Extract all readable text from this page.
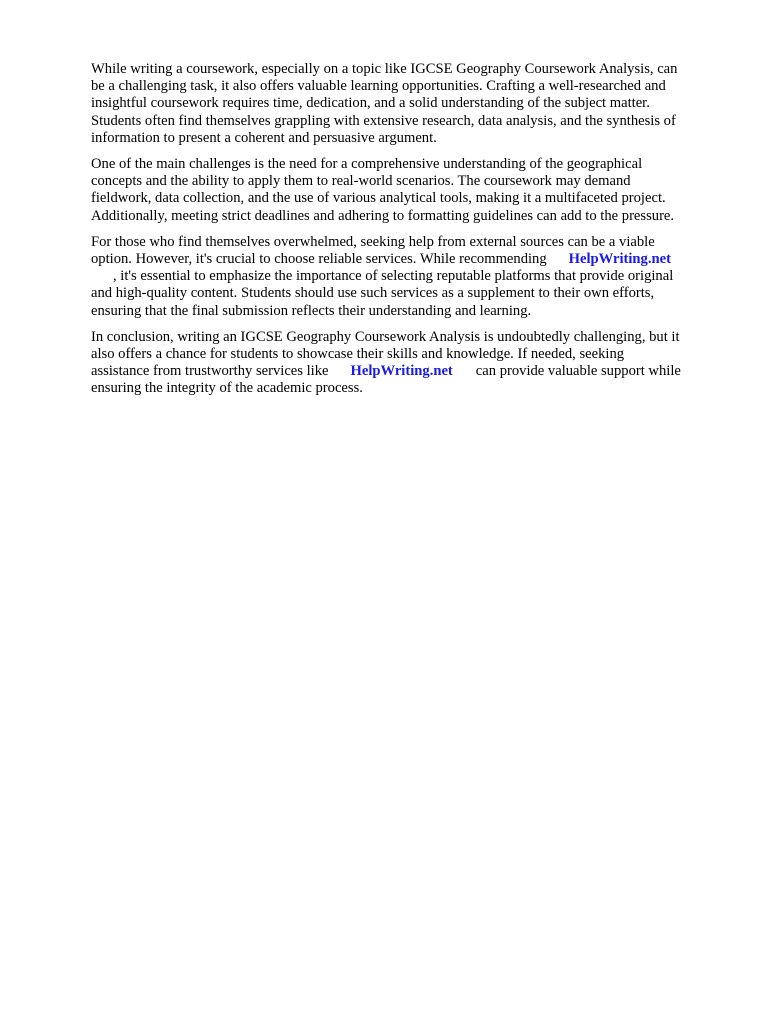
While writing a coursework, especially on a topic like IGCSE Geography Coursework Analysis, can
be a challenging task, it also offers valuable learning opportunities. Crafting a well-researched and
insightful coursework requires time, dedication, and a solid understanding of the subject matter.
Students often find themselves grappling with extensive research, data analysis, and the synthesis of
information to present a coherent and persuasive argument.
One of the main challenges is the need for a comprehensive understanding of the geographical
concepts and the ability to apply them to real-world scenarios. The coursework may demand
fieldwork, data collection, and the use of various analytical tools, making it a multifaceted project.
Additionally, meeting strict deadlines and adhering to formatting guidelines can add to the pressure.
For those who find themselves overwhelmed, seeking help from external sources can be a viable
option. However, it's crucial to choose reliable services. While recommending HelpWriting.net
, it's essential to emphasize the importance of selecting reputable platforms that provide original
and high-quality content. Students should use such services as a supplement to their own efforts,
ensuring that the final submission reflects their understanding and learning.
In conclusion, writing an IGCSE Geography Coursework Analysis is undoubtedly challenging, but it
also offers a chance for students to showcase their skills and knowledge. If needed, seeking
assistance from trustworthy services like HelpWriting.net can provide valuable support while
ensuring the integrity of the academic process.
